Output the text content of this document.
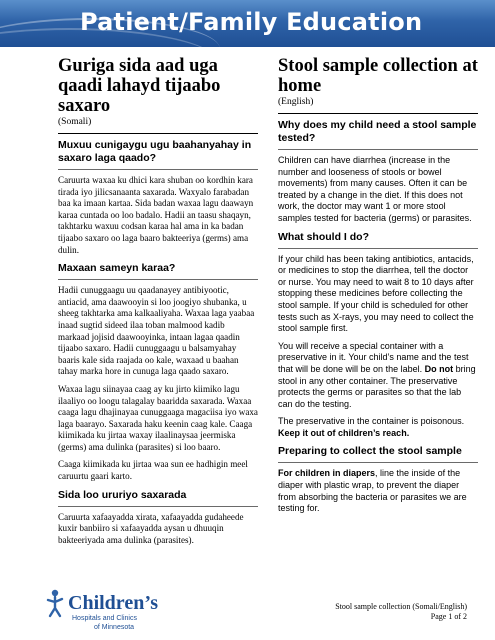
Patient/Family Education
Guriga sida aad uga qaadi lahayd tijaabo saxaro
(Somali)
Muxuu cunigaygu ugu baahanyahay in saxaro laga qaado?

Caruurta waxaa ku dhici kara shuban oo kordhin kara tirada iyo jilicsanaanta saxarada. Waxyalo farabadan baa ka imaan kartaa. Sida badan waxaa lagu daawayn karaa cuntada oo loo badalo. Hadii an taasu shaqayn, takhtarku waxuu codsan karaa hal ama in ka badan tijaabo saxaro oo laga baaro bakteeriya (germs) ama dulin.

Maxaan sameyn karaa?

Hadii cunuggaagu uu qaadanayey antibiyootic, antiacid, ama daawooyin si loo joogiyo shubanka, u sheeg takhtarka ama kalkaaliyaha. Waxaa laga yaabaa inaad sugtid sideed ilaa toban malmood kadib markaad jojisid daawooyinka, intaan lagaa qaadin tijaabo saxaro. Hadii cunuggaagu u balsamyahay baaris kale sida raajada oo kale, waxaad u baahan tahay marka hore in cunuga laga qaado saxaro.

Waxaa lagu siinayaa caag ay ku jirto kiimiko lagu ilaaliyo oo loogu talagalay baaridda saxarada. Waxaa caaga lagu dhajinayaa cunuggaaga magaciisa iyo waxa laga baarayo. Saxarada haku keenin caag kale. Caaga kiimikada ku jirtaa waxay ilaalinaysaa jeermiska (germs) ama dulinka (parasites) si loo baaro.

Caaga kiimikada ku jirtaa waa sun ee hadhigin meel caruurtu gaari karto.

Sida loo ururiyo saxarada

Caruurta xafaayadda xirata, xafaayadda gudaheede kuxir banbiiro si xafaayadda aysan u dhuuqin bakteeriyada ama dulinka (parasites).

Stool sample collection at home
(English)
Why does my child need a stool sample tested?

Children can have diarrhea (increase in the number and looseness of stools or bowel movements) from many causes. Often it can be treated by a change in the diet. If this does not work, the doctor may want 1 or more stool samples tested for bacteria (germs) or parasites.

What should I do?

If your child has been taking antibiotics, antacids, or medicines to stop the diarrhea, tell the doctor or nurse. You may need to wait 8 to 10 days after stopping these medicines before collecting the stool sample. If your child is scheduled for other tests such as X-rays, you may need to collect the stool sample first.

You will receive a special container with a preservative in it. Your child’s name and the test that will be done will be on the label. Do not bring stool in any other container. The preservative protects the germs or parasites so that the lab can do the testing.

The preservative in the container is poisonous. Keep it out of children’s reach.

Preparing to collect the stool sample

For children in diapers, line the inside of the diaper with plastic wrap, to prevent the diaper from absorbing the bacteria or parasites we are testing for.

Children’s
Hospitals and Clinics
of Minnesota
Stool sample collection (Somali/English)
Page 1 of 2
